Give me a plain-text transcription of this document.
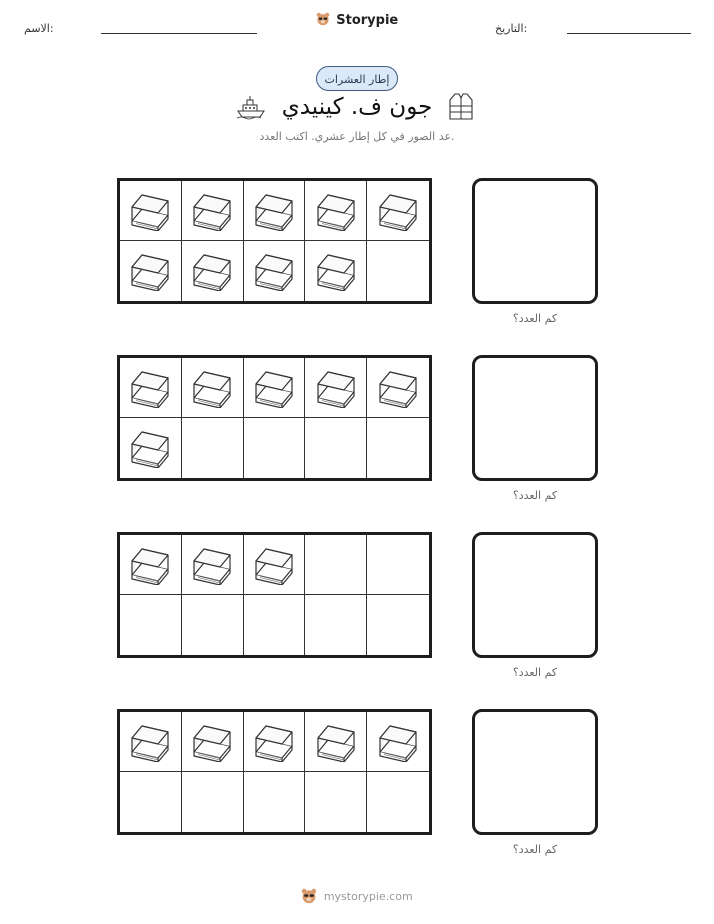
الاسم:
Storypie
التاريخ:
إطار العشرات
جون ف. كينيدي
عد الصور في كل إطار عشري. اكتب العدد.
كم العدد؟
كم العدد؟
كم العدد؟
كم العدد؟
mystorypie.com
